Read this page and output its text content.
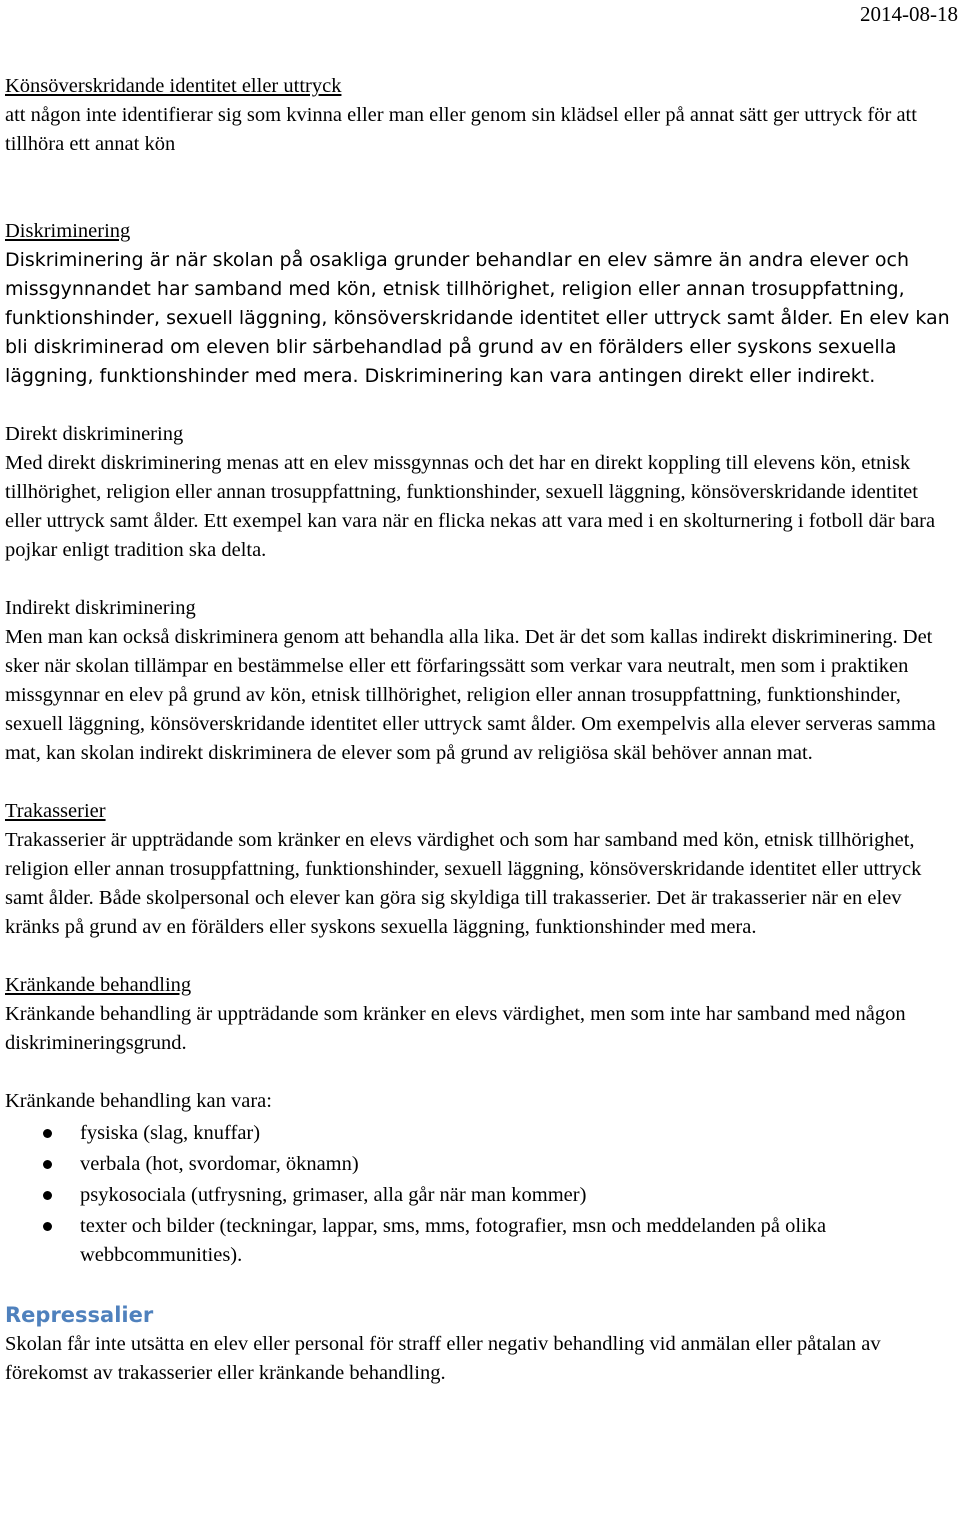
2014-08-18
Könsöverskridande identitet eller uttryck
att någon inte identifierar sig som kvinna eller man eller genom sin klädsel eller på annat sätt ger uttryck för att tillhöra ett annat kön
Diskriminering
Diskriminering är när skolan på osakliga grunder behandlar en elev sämre än andra elever och missgynnandet har samband med kön, etnisk tillhörighet, religion eller annan trosuppfattning, funktionshinder, sexuell läggning, könsöverskridande identitet eller uttryck samt ålder. En elev kan bli diskriminerad om eleven blir särbehandlad på grund av en förälders eller syskons sexuella läggning, funktionshinder med mera. Diskriminering kan vara antingen direkt eller indirekt.
Direkt diskriminering
Med direkt diskriminering menas att en elev missgynnas och det har en direkt koppling till elevens kön, etnisk tillhörighet, religion eller annan trosuppfattning, funktionshinder, sexuell läggning, könsöverskridande identitet eller uttryck samt ålder. Ett exempel kan vara när en flicka nekas att vara med i en skolturnering i fotboll där bara pojkar enligt tradition ska delta.
Indirekt diskriminering
Men man kan också diskriminera genom att behandla alla lika. Det är det som kallas indirekt diskriminering. Det sker när skolan tillämpar en bestämmelse eller ett förfaringssätt som verkar vara neutralt, men som i praktiken missgynnar en elev på grund av kön, etnisk tillhörighet, religion eller annan trosuppfattning, funktionshinder, sexuell läggning, könsöverskridande identitet eller uttryck samt ålder. Om exempelvis alla elever serveras samma mat, kan skolan indirekt diskriminera de elever som på grund av religiösa skäl behöver annan mat.
Trakasserier
Trakasserier är uppträdande som kränker en elevs värdighet och som har samband med kön, etnisk tillhörighet, religion eller annan trosuppfattning, funktionshinder, sexuell läggning, könsöverskridande identitet eller uttryck samt ålder. Både skolpersonal och elever kan göra sig skyldiga till trakasserier. Det är trakasserier när en elev kränks på grund av en förälders eller syskons sexuella läggning, funktionshinder med mera.
Kränkande behandling
Kränkande behandling är uppträdande som kränker en elevs värdighet, men som inte har samband med någon diskrimineringsgrund.
Kränkande behandling kan vara:
fysiska (slag, knuffar)
verbala (hot, svordomar, öknamn)
psykosociala (utfrysning, grimaser, alla går när man kommer)
texter och bilder (teckningar, lappar, sms, mms, fotografier, msn och meddelanden på olika webbcommunities).
Repressalier
Skolan får inte utsätta en elev eller personal för straff eller negativ behandling vid anmälan eller påtalan av förekomst av trakasserier eller kränkande behandling.
